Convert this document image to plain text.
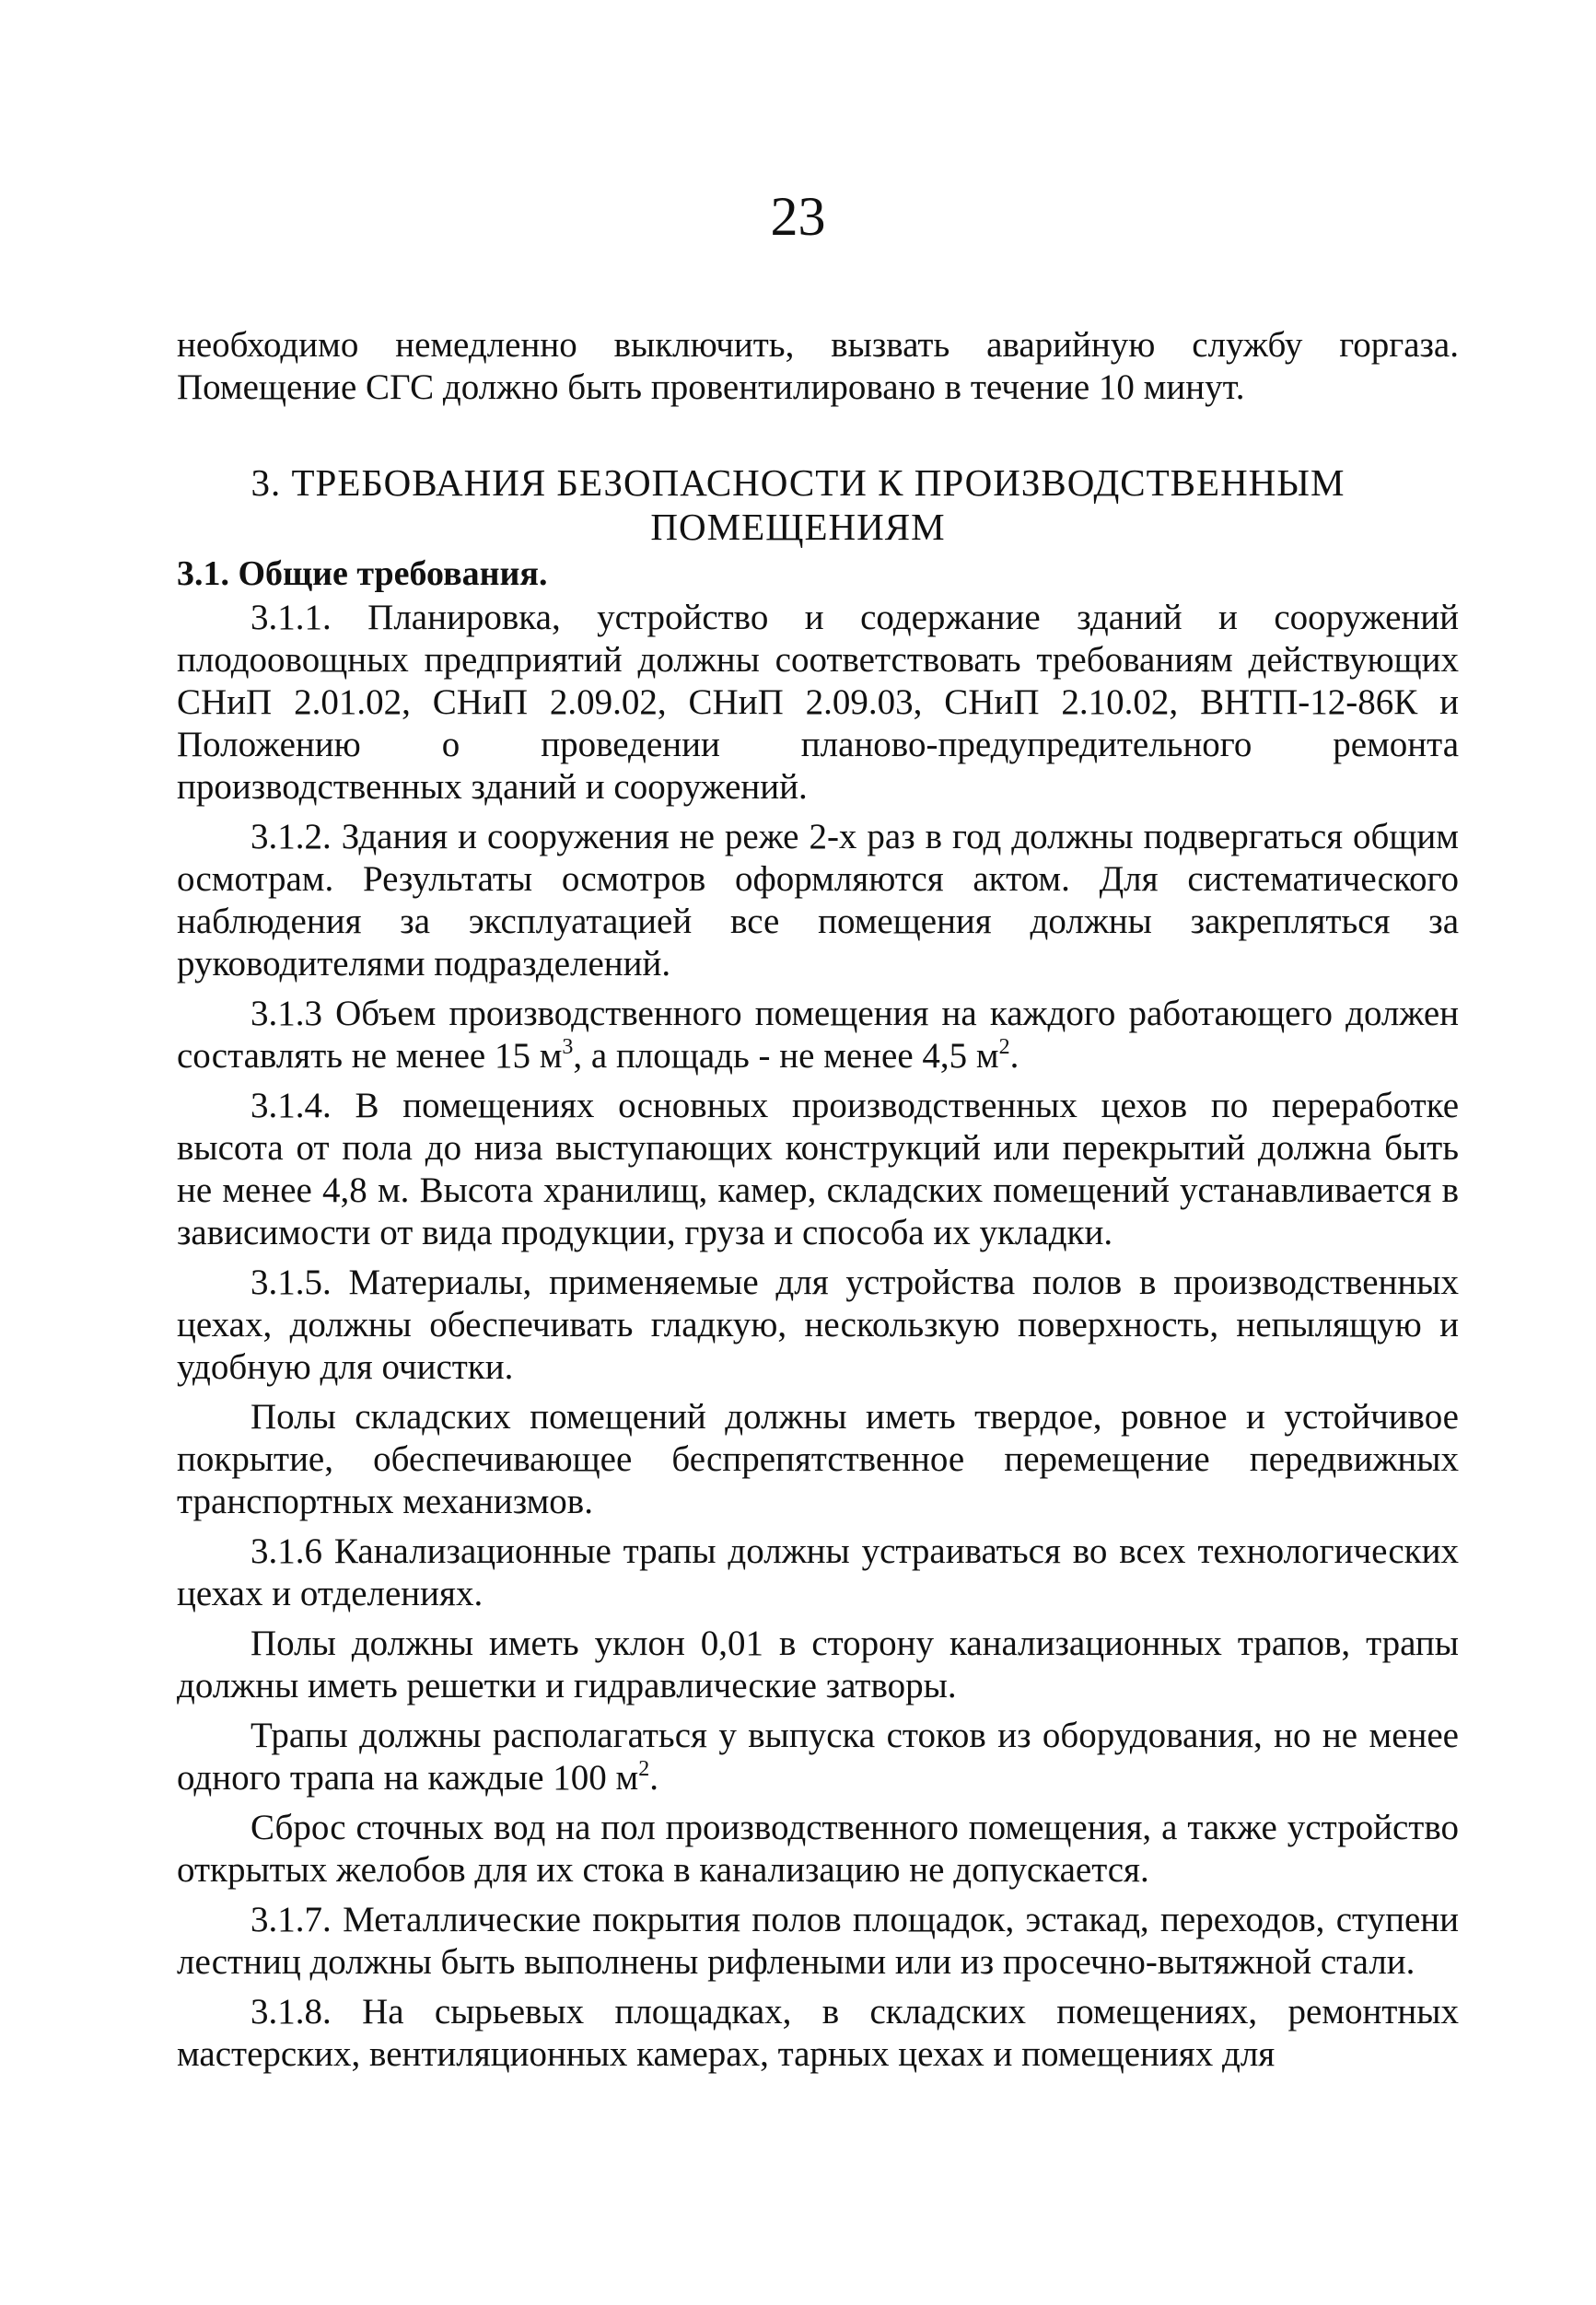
23
необходимо немедленно выключить, вызвать аварийную службу горгаза. Помещение СГС должно быть провентилировано в течение 10 минут.
3. ТРЕБОВАНИЯ БЕЗОПАСНОСТИ К ПРОИЗВОДСТВЕННЫМ
ПОМЕЩЕНИЯМ
3.1. Общие требования.

3.1.1. Планировка, устройство и содержание зданий и сооружений плодоовощных предприятий должны соответствовать требованиям действующих СНиП 2.01.02, СНиП 2.09.02, СНиП 2.09.03, СНиП 2.10.02, ВНТП-12-86К и Положению о проведении планово-предупредительного ремонта производственных зданий и сооружений.

3.1.2. Здания и сооружения не реже 2-х раз в год должны подвергаться общим осмотрам. Результаты осмотров оформляются актом. Для систематического наблюдения за эксплуатацией все помещения должны закрепляться за руководителями подразделений.

3.1.3 Объем производственного помещения на каждого работающего должен составлять не менее 15 $м^3$, а площадь - не менее 4,5 $м^2$.

3.1.4. В помещениях основных производственных цехов по переработке высота от пола до низа выступающих конструкций или перекрытий должна быть не менее 4,8 м. Высота хранилищ, камер, складских помещений устанавливается в зависимости от вида продукции, груза и способа их укладки.

3.1.5. Материалы, применяемые для устройства полов в производственных цехах, должны обеспечивать гладкую, нескользкую поверхность, непылящую и удобную для очистки.

Полы складских помещений должны иметь твердое, ровное и устойчивое покрытие, обеспечивающее беспрепятственное перемещение передвижных транспортных механизмов.

3.1.6 Канализационные трапы должны устраиваться во всех технологических цехах и отделениях.

Полы должны иметь уклон 0,01 в сторону канализационных трапов, трапы должны иметь решетки и гидравлические затворы.

Трапы должны располагаться у выпуска стоков из оборудования, но не менее одного трапа на каждые 100 $м^2$.

Сброс сточных вод на пол производственного помещения, а также устройство открытых желобов для их стока в канализацию не допускается.

3.1.7. Металлические покрытия полов площадок, эстакад, переходов, ступени лестниц должны быть выполнены рифлеными или из просечно-вытяжной стали.

3.1.8. На сырьевых площадках, в складских помещениях, ремонтных мастерских, вентиляционных камерах, тарных цехах и помещениях для
